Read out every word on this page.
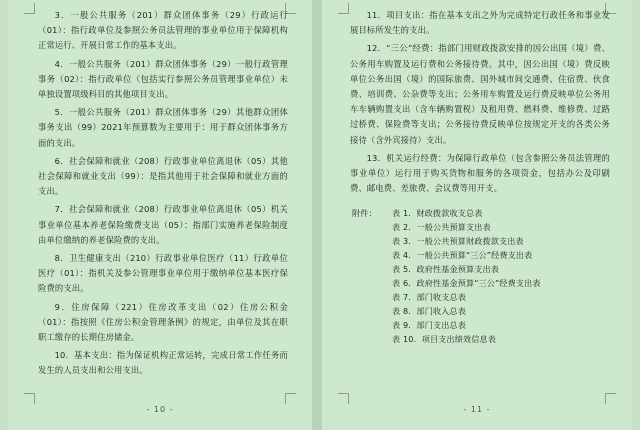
3．一般公共服务（201）群众团体事务（29）行政运行（01）：指行政单位及参照公务员法管理的事业单位用于保障机构正常运行、开展日常工作的基本支出。

4．一般公共服务（201）群众团体事务（29）一般行政管理事务（02）：指行政单位（包括实行参照公务员管理事业单位）未单独设置项级科目的其他项目支出。

5．一般公共服务（201）群众团体事务（29）其他群众团体事务支出（99）2021年预算数为主要用于：用于群众团体事务方面的支出。

6．社会保障和就业（208）行政事业单位离退休（05）其他社会保障和就业支出（99）：是指其他用于社会保障和就业方面的支出。

7．社会保障和就业（208）行政事业单位离退休（05）机关事业单位基本养老保险缴费支出（05）：指部门实施养老保险制度由单位缴纳的养老保险费的支出。

8．卫生健康支出（210）行政事业单位医疗（11）行政单位医疗（01）：指机关及参公管理事业单位用于缴纳单位基本医疗保险费的支出。

9．住房保障（221）住房改革支出（02）住房公积金（01）：指按照《住房公积金管理条例》的规定，由单位及其在职职工缴存的长期住房储金。

10．基本支出：指为保证机构正常运转，完成日常工作任务而发生的人员支出和公用支出。

- 10 -

11．项目支出：指在基本支出之外为完成特定行政任务和事业发展目标所发生的支出。

12．“三公”经费：指部门用财政拨款安排的因公出国（境）费、公务用车购置及运行费和公务接待费。其中，因公出国（境）费反映单位公务出国（境）的国际旅费、国外城市间交通费、住宿费、伙食费、培训费、公杂费等支出；公务用车购置及运行费反映单位公务用车车辆购置支出（含车辆购置税）及租用费、燃料费、维修费、过路过桥费、保险费等支出；公务接待费反映单位按规定开支的各类公务接待（含外宾接待）支出。

13．机关运行经费：为保障行政单位（包含参照公务员法管理的事业单位）运行用于购买货物和服务的各项资金，包括办公及印刷费、邮电费、差旅费、会议费等用开支。

附件：	表 1．财政拨款收支总表
表 2．一般公共预算支出表
表 3．一般公共预算财政拨款支出表
表 4．一般公共预算“三公”经费支出表
表 5．政府性基金预算支出表
表 6．政府性基金预算“三公”经费支出表
表 7．部门收支总表
表 8．部门收入总表
表 9．部门支出总表
表 10．项目支出绩效信息表
- 11 -
